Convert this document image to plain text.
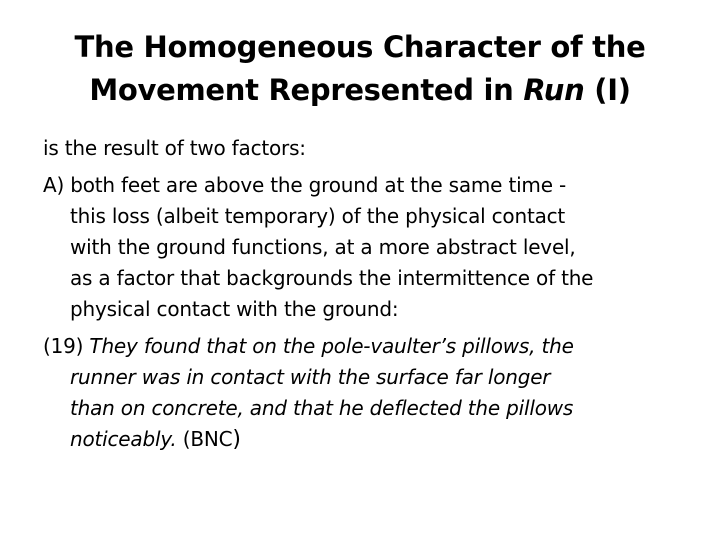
The Homogeneous Character of the
Movement Represented in Run (I)
is the result of two factors:
A) both feet are above the ground at the same time -
this loss (albeit temporary) of the physical contact
with the ground functions, at a more abstract level,
as a factor that backgrounds the intermittence of the
physical contact with the ground:
(19) They found that on the pole-vaulter’s pillows, the
runner was in contact with the surface far longer
than on concrete, and that he deflected the pillows
noticeably. (BNC)
